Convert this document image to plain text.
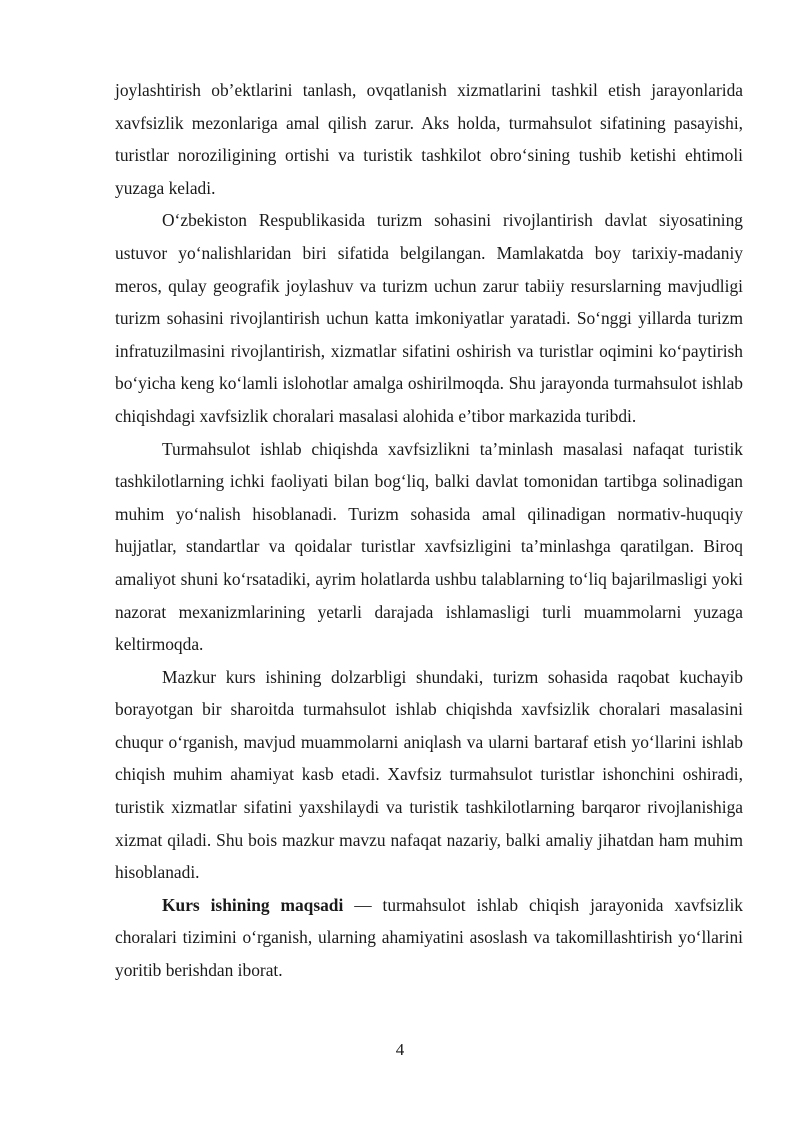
joylashtirish ob’ektlarini tanlash, ovqatlanish xizmatlarini tashkil etish jarayonlarida xavfsizlik mezonlariga amal qilish zarur. Aks holda, turmahsulot sifatining pasayishi, turistlar noroziligining ortishi va turistik tashkilot obro‘sining tushib ketishi ehtimoli yuzaga keladi.

O‘zbekiston Respublikasida turizm sohasini rivojlantirish davlat siyosatining ustuvor yo‘nalishlaridan biri sifatida belgilangan. Mamlakatda boy tarixiy-madaniy meros, qulay geografik joylashuv va turizm uchun zarur tabiiy resurslarning mavjudligi turizm sohasini rivojlantirish uchun katta imkoniyatlar yaratadi. So‘nggi yillarda turizm infratuzilmasini rivojlantirish, xizmatlar sifatini oshirish va turistlar oqimini ko‘paytirish bo‘yicha keng ko‘lamli islohotlar amalga oshirilmoqda. Shu jarayonda turmahsulot ishlab chiqishdagi xavfsizlik choralari masalasi alohida e’tibor markazida turibdi.

Turmahsulot ishlab chiqishda xavfsizlikni ta’minlash masalasi nafaqat turistik tashkilotlarning ichki faoliyati bilan bog‘liq, balki davlat tomonidan tartibga solinadigan muhim yo‘nalish hisoblanadi. Turizm sohasida amal qilinadigan normativ-huquqiy hujjatlar, standartlar va qoidalar turistlar xavfsizligini ta’minlashga qaratilgan. Biroq amaliyot shuni ko‘rsatadiki, ayrim holatlarda ushbu talablarning to‘liq bajarilmasligi yoki nazorat mexanizmlarining yetarli darajada ishlamasligi turli muammolarni yuzaga keltirmoqda.

Mazkur kurs ishining dolzarbligi shundaki, turizm sohasida raqobat kuchayib borayotgan bir sharoitda turmahsulot ishlab chiqishda xavfsizlik choralari masalasini chuqur o‘rganish, mavjud muammolarni aniqlash va ularni bartaraf etish yo‘llarini ishlab chiqish muhim ahamiyat kasb etadi. Xavfsiz turmahsulot turistlar ishonchini oshiradi, turistik xizmatlar sifatini yaxshilaydi va turistik tashkilotlarning barqaror rivojlanishiga xizmat qiladi. Shu bois mazkur mavzu nafaqat nazariy, balki amaliy jihatdan ham muhim hisoblanadi.

Kurs ishining maqsadi — turmahsulot ishlab chiqish jarayonida xavfsizlik choralari tizimini o‘rganish, ularning ahamiyatini asoslash va takomillashtirish yo‘llarini yoritib berishdan iborat.

4
